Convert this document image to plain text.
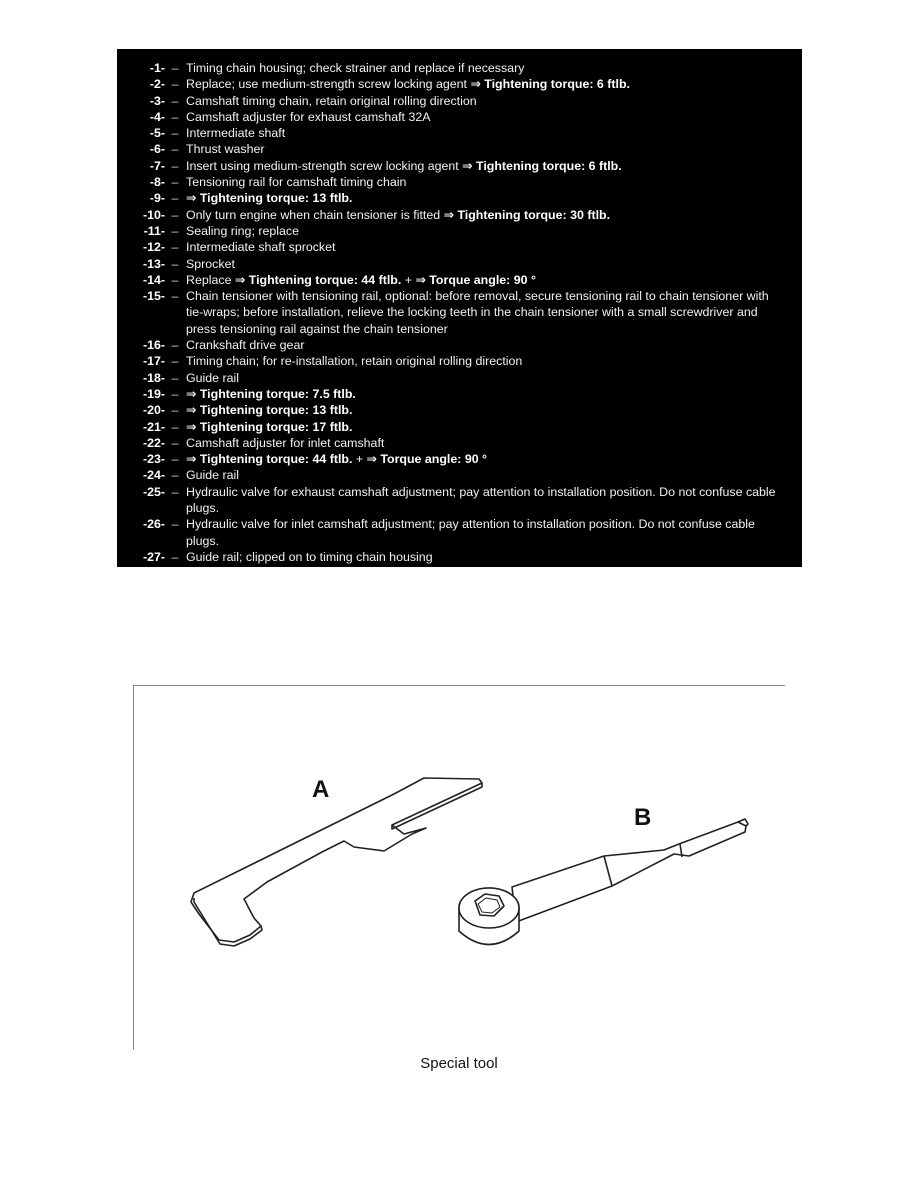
-1- – Timing chain housing; check strainer and replace if necessary
-2- – Replace; use medium-strength screw locking agent ⇒ Tightening torque: 6 ftlb.
-3- – Camshaft timing chain, retain original rolling direction
-4- – Camshaft adjuster for exhaust camshaft 32A
-5- – Intermediate shaft
-6- – Thrust washer
-7- – Insert using medium-strength screw locking agent ⇒ Tightening torque: 6 ftlb.
-8- – Tensioning rail for camshaft timing chain
-9- – ⇒ Tightening torque: 13 ftlb.
-10- – Only turn engine when chain tensioner is fitted ⇒ Tightening torque: 30 ftlb.
-11- – Sealing ring; replace
-12- – Intermediate shaft sprocket
-13- – Sprocket
-14- – Replace ⇒ Tightening torque: 44 ftlb. + ⇒ Torque angle: 90 °
-15- – Chain tensioner with tensioning rail, optional: before removal, secure tensioning rail to chain tensioner with tie-wraps; before installation, relieve the locking teeth in the chain tensioner with a small screwdriver and press tensioning rail against the chain tensioner
-16- – Crankshaft drive gear
-17- – Timing chain; for re-installation, retain original rolling direction
-18- – Guide rail
-19- – ⇒ Tightening torque: 7.5 ftlb.
-20- – ⇒ Tightening torque: 13 ftlb.
-21- – ⇒ Tightening torque: 17 ftlb.
-22- – Camshaft adjuster for inlet camshaft
-23- – ⇒ Tightening torque: 44 ftlb. + ⇒ Torque angle: 90 °
-24- – Guide rail
-25- – Hydraulic valve for exhaust camshaft adjustment; pay attention to installation position. Do not confuse cable plugs.
-26- – Hydraulic valve for inlet camshaft adjustment; pay attention to installation position. Do not confuse cable plugs.
-27- – Guide rail; clipped on to timing chain housing
A
B
Special tool
